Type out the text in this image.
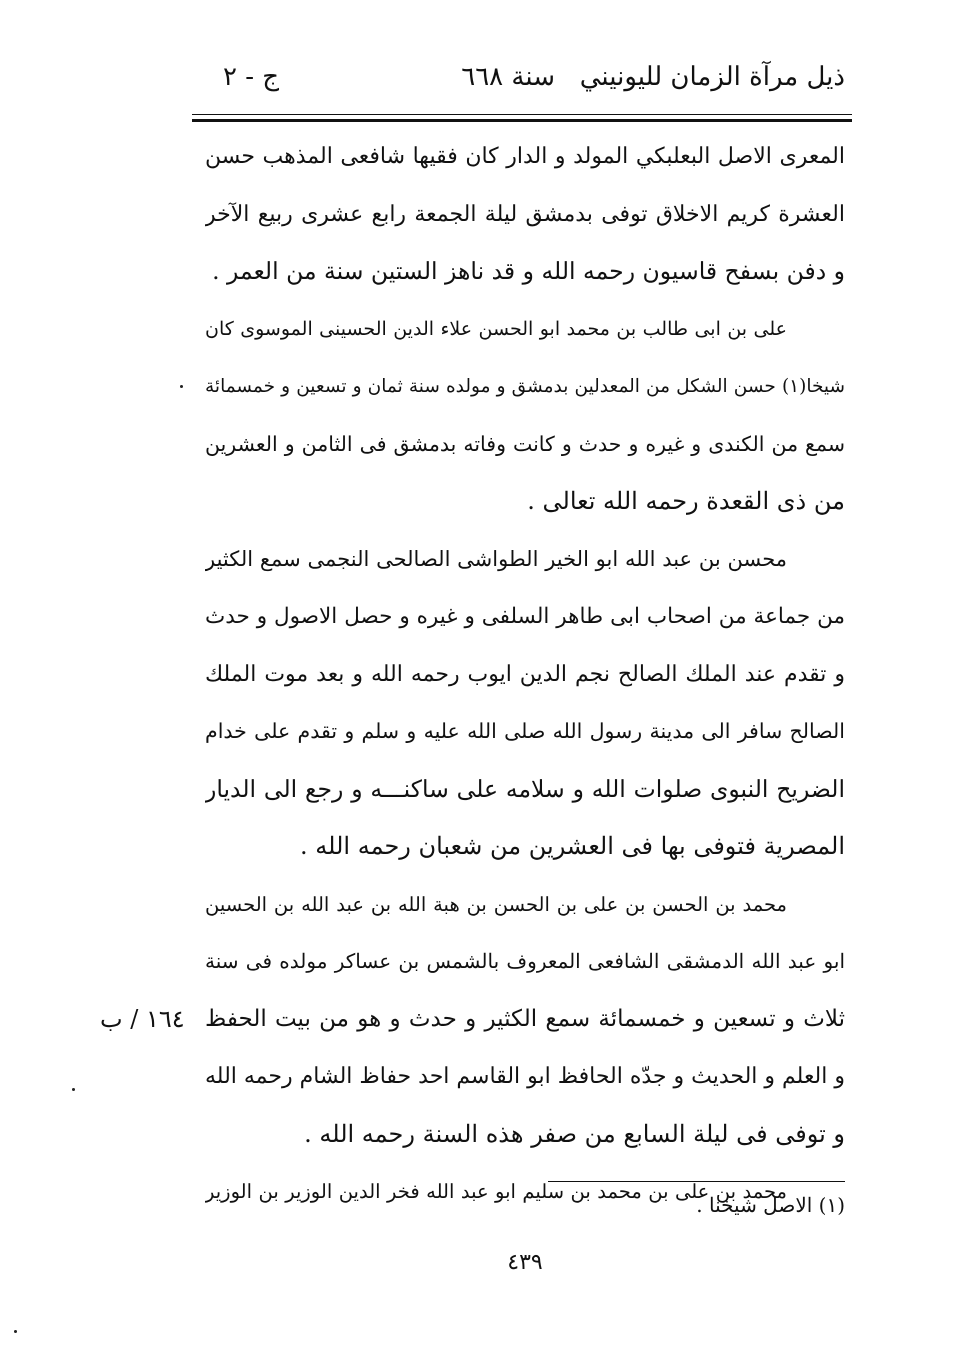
ذيل مرآة الزمان لليونيني
سنة ٦٦٨
ج - ٢
المعرى الاصل البعلبكي المولد و الدار كان فقيها شافعى المذهب حسن
العشرة كريم الاخلاق توفى بدمشق ليلة الجمعة رابع عشرى ربيع الآخر
و دفن بسفح قاسيون رحمه الله و قد ناهز الستين سنة من العمر .
على بن ابى طالب بن محمد ابو الحسن علاء الدين الحسينى الموسوى كان
شيخا(١) حسن الشكل من المعدلين بدمشق و مولده سنة ثمان و تسعين و خمسمائة
سمع من الكندى و غيره و حدث و كانت وفاته بدمشق فى الثامن و العشرين
من ذى القعدة رحمه الله تعالى .
محسن بن عبد الله ابو الخير الطواشى الصالحى النجمى سمع الكثير
من جماعة من اصحاب ابى طاهر السلفى و غيره و حصل الاصول و حدث
و تقدم عند الملك الصالح نجم الدين ايوب رحمه الله و بعد موت الملك
الصالح سافر الى مدينة رسول الله صلى الله عليه و سلم و تقدم على خدام
الضريح النبوى صلوات الله و سلامه على ساكنـــه و رجع الى الديار
المصرية فتوفى بها فى العشرين من شعبان رحمه الله .
محمد بن الحسن بن على بن الحسن بن هبة الله بن عبد الله بن الحسين
ابو عبد الله الدمشقى الشافعى المعروف بالشمس بن عساكر مولده فى سنة
ثلاث و تسعين و خمسمائة سمع الكثير و حدث و هو من بيت الحفظ
و العلم و الحديث و جدّه الحافظ ابو القاسم احد حفاظ الشام رحمه الله
و توفى فى ليلة السابع من صفر هذه السنة رحمه الله .
محمد بن على بن محمد بن سليم ابو عبد الله فخر الدين الوزير بن الوزير
١٦٤ / ب
(١) الاصل شيخنا .
٤٣٩
